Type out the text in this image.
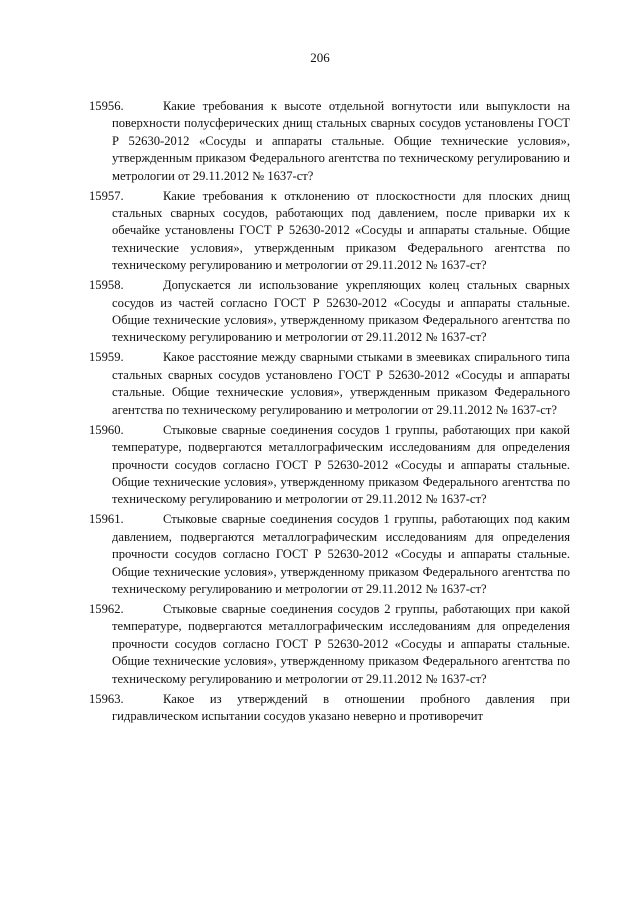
206
15956.	Какие требования к высоте отдельной вогнутости или выпуклости на поверхности полусферических днищ стальных сварных сосудов установлены ГОСТ Р 52630-2012 «Сосуды и аппараты стальные. Общие технические условия», утвержденным приказом Федерального агентства по техническому регулированию и метрологии от 29.11.2012 № 1637-ст?
15957.	Какие требования к отклонению от плоскостности для плоских днищ стальных сварных сосудов, работающих под давлением, после приварки их к обечайке установлены ГОСТ Р 52630-2012 «Сосуды и аппараты стальные. Общие технические условия», утвержденным приказом Федерального агентства по техническому регулированию и метрологии от 29.11.2012 № 1637-ст?
15958.	Допускается ли использование укрепляющих колец стальных сварных сосудов из частей согласно ГОСТ Р 52630-2012 «Сосуды и аппараты стальные. Общие технические условия», утвержденному приказом Федерального агентства по техническому регулированию и метрологии от 29.11.2012 № 1637-ст?
15959.	Какое расстояние между сварными стыками в змеевиках спирального типа стальных сварных сосудов установлено ГОСТ Р 52630-2012 «Сосуды и аппараты стальные. Общие технические условия», утвержденным приказом Федерального агентства по техническому регулированию и метрологии от 29.11.2012 № 1637-ст?
15960.	Стыковые сварные соединения сосудов 1 группы, работающих при какой температуре, подвергаются металлографическим исследованиям для определения прочности сосудов согласно ГОСТ Р 52630-2012 «Сосуды и аппараты стальные. Общие технические условия», утвержденному приказом Федерального агентства по техническому регулированию и метрологии от 29.11.2012 № 1637-ст?
15961.	Стыковые сварные соединения сосудов 1 группы, работающих под каким давлением, подвергаются металлографическим исследованиям для определения прочности сосудов согласно ГОСТ Р 52630-2012 «Сосуды и аппараты стальные. Общие технические условия», утвержденному приказом Федерального агентства по техническому регулированию и метрологии от 29.11.2012 № 1637-ст?
15962.	Стыковые сварные соединения сосудов 2 группы, работающих при какой температуре, подвергаются металлографическим исследованиям для определения прочности сосудов согласно ГОСТ Р 52630-2012 «Сосуды и аппараты стальные. Общие технические условия», утвержденному приказом Федерального агентства по техническому регулированию и метрологии от 29.11.2012 № 1637-ст?
15963.	Какое из утверждений в отношении пробного давления при гидравлическом испытании сосудов указано неверно и противоречит
